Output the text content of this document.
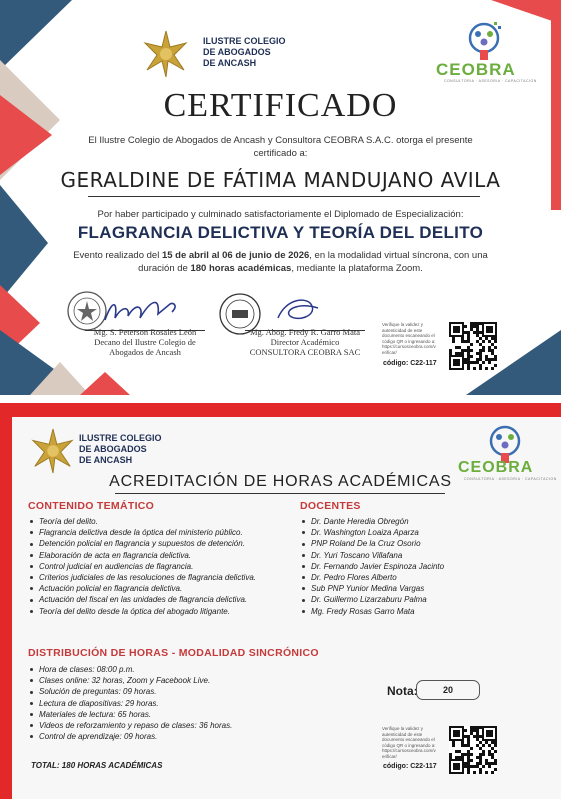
ILUSTRE COLEGIO
DE ABOGADOS
DE ANCASH	CEOBRA
CONSULTORIA · ASESORIA · CAPACITACION
CERTIFICADO
El Ilustre Colegio de Abogados de Ancash y Consultora CEOBRA S.A.C. otorga el presente
certificado a:
GERALDINE DE FÁTIMA MANDUJANO AVILA
Por haber participado y culminado satisfactoriamente el Diplomado de Especialización:
FLAGRANCIA DELICTIVA Y TEORÍA DEL DELITO
Evento realizado del 15 de abril al 06 de junio de 2026, en la modalidad virtual síncrona, con una
duración de 180 horas académicas, mediante la plataforma Zoom.
Mg. S. Peterson Rosales León
Decano del Ilustre Colegio de
Abogados de Ancash
Mg. Abog. Fredy R. Garro Mata
Director Académico
CONSULTORA CEOBRA SAC
Verifique la validez y
autenticidad de este
documento escaneando el
código QR o ingresando a:
https://cursosceobra.com/v
erificar/
código: C22-117
ILUSTRE COLEGIO
DE ABOGADOS
DE ANCASH	CEOBRA
CONSULTORIA · ASESORIA · CAPACITACION
ACREDITACIÓN DE HORAS ACADÉMICAS
CONTENIDO TEMÁTICO
Teoría del delito.
Flagrancia delictiva desde la óptica del ministerio público.
Detención policial en flagrancia y supuestos de detención.
Elaboración de acta en flagrancia delictiva.
Control judicial en audiencias de flagrancia.
Criterios judiciales de las resoluciones de flagrancia delictiva.
Actuación policial en flagrancia delictiva.
Actuación del fiscal en las unidades de flagrancia delictiva.
Teoría del delito desde la óptica del abogado litigante.
DOCENTES
Dr. Dante Heredia Obregón
Dr. Washington Loaiza Aparza
PNP Roland De la Cruz Osorio
Dr. Yuri Toscano Villafana
Dr. Fernando Javier Espinoza Jacinto
Dr. Pedro Flores Alberto
Sub PNP Yunior Medina Vargas
Dr. Guillermo Lizarzaburu Palma
Mg. Fredy Rosas Garro Mata
DISTRIBUCIÓN DE HORAS - MODALIDAD SINCRÓNICO
Hora de clases: 08:00 p.m.
Clases online: 32 horas, Zoom y Facebook Live.
Solución de preguntas: 09 horas.
Lectura de diapositivas: 29 horas.
Materiales de lectura: 65 horas.
Videos de reforzamiento y repaso de clases: 36 horas.
Control de aprendizaje: 09 horas.
TOTAL: 180 HORAS ACADÉMICAS
Nota:	20
Verifique la validez y
autenticidad de este
documento escaneando el
código QR o ingresando a:
https://cursosceobra.com/v
erificar/
código: C22-117
